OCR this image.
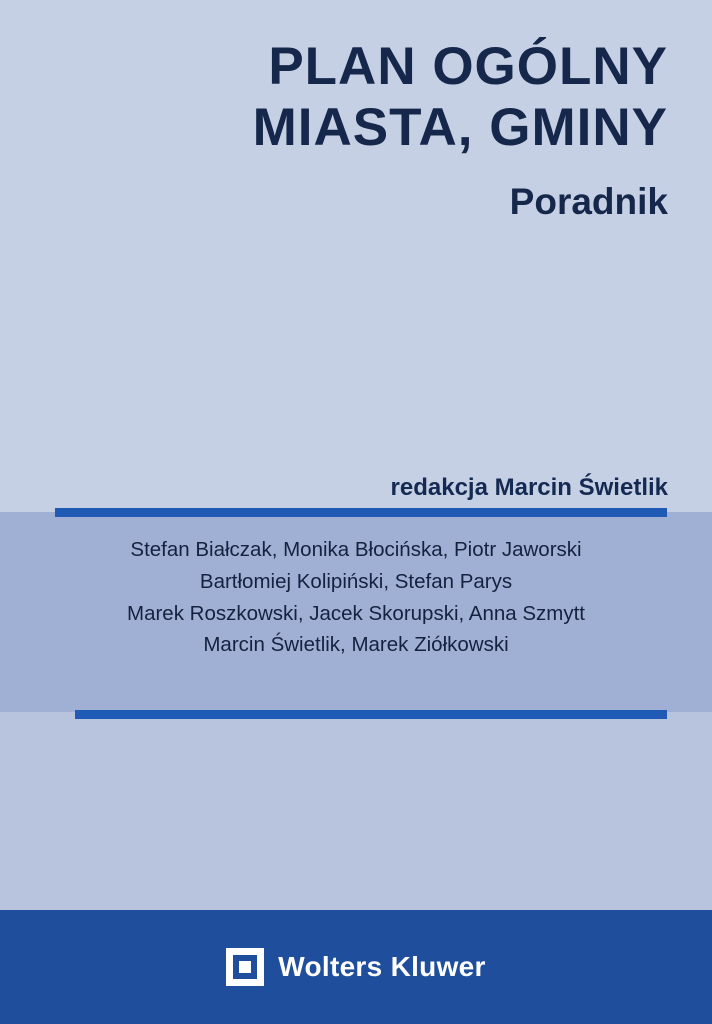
PLAN OGÓLNY
MIASTA, GMINY
Poradnik
redakcja Marcin Świetlik
Stefan Białczak, Monika Błocińska, Piotr Jaworski
Bartłomiej Kolipiński, Stefan Parys
Marek Roszkowski, Jacek Skorupski, Anna Szmytt
Marcin Świetlik, Marek Ziółkowski
Wolters Kluwer
